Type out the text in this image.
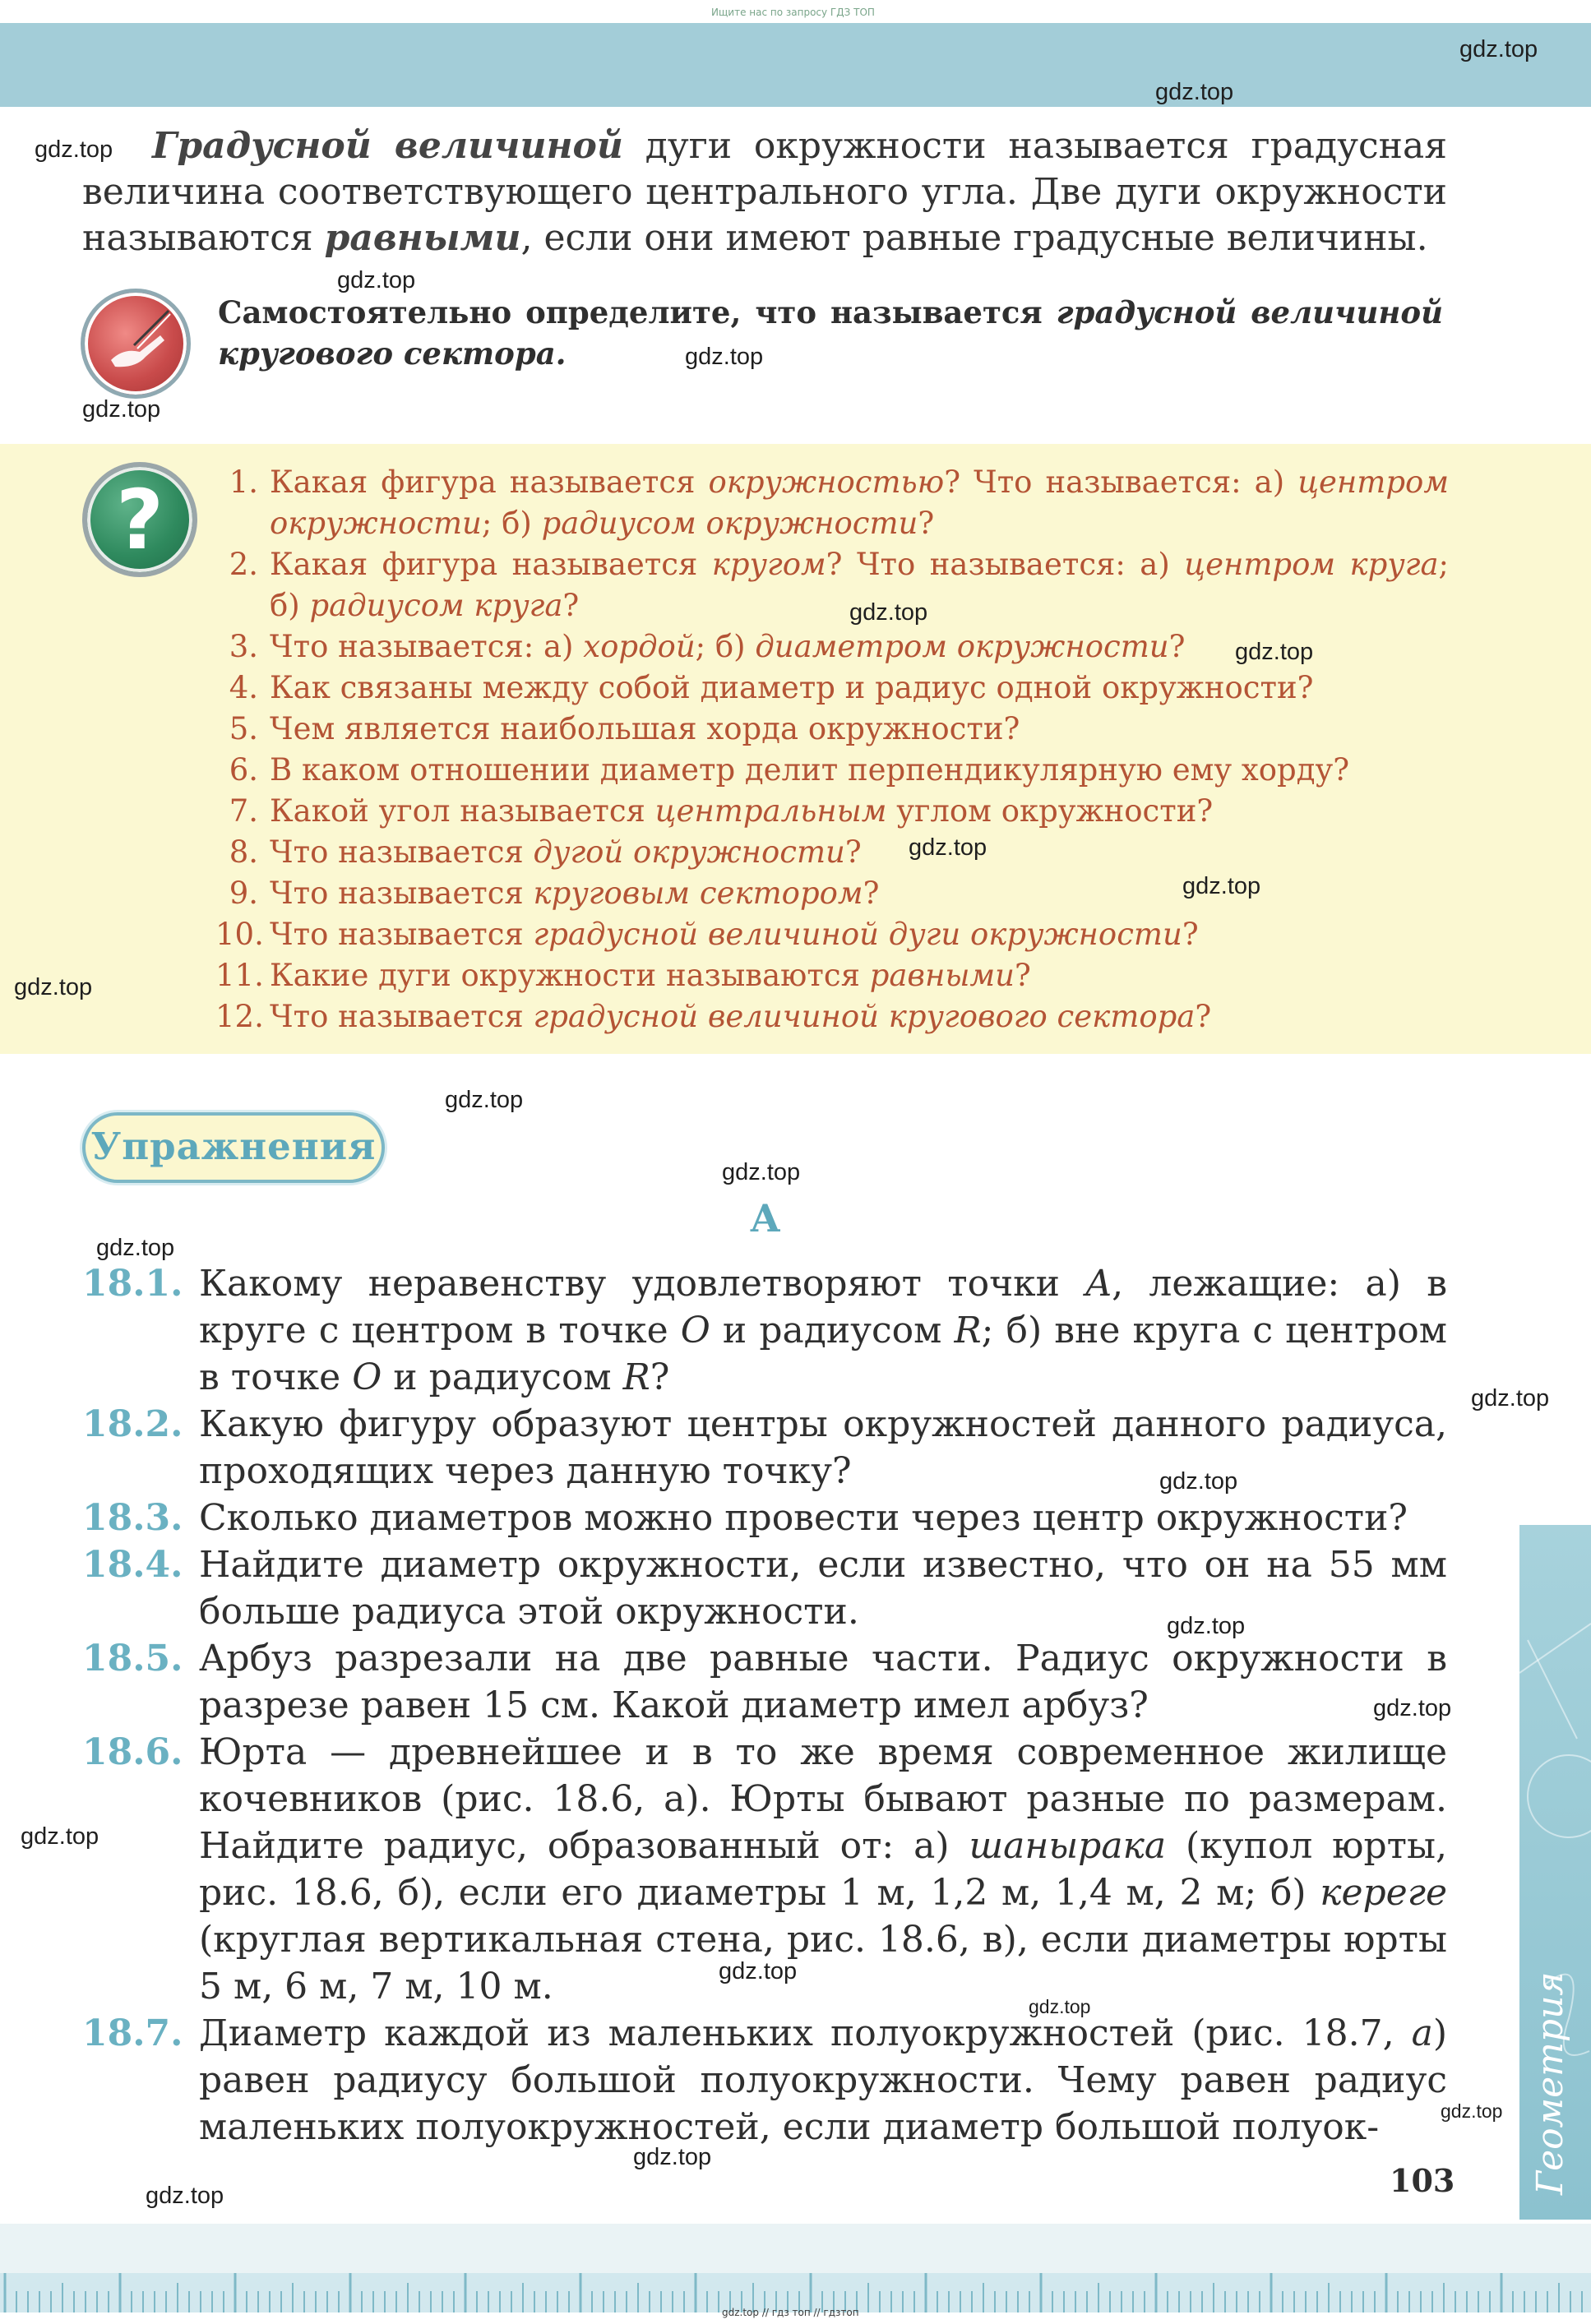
Ищите нас по запросу ГДЗ ТОП
Градусной величиной дуги окружности называется градусная величина соответствующего центрального угла. Две дуги окружности называются равными, если они имеют равные градусные величины.
Самостоятельно определите, что называется градусной величиной кругового сектора.
?	1. Какая фигура называется окружностью? Что называется: а) центром окружности; б) радиусом окружности?
2. Какая фигура называется кругом? Что называется: а) центром круга; б) радиусом круга?
3. Что называется: а) хордой; б) диаметром окружности?
4. Как связаны между собой диаметр и радиус одной окружности?
5. Чем является наибольшая хорда окружности?
6. В каком отношении диаметр делит перпендикулярную ему хорду?
7. Какой угол называется центральным углом окружности?
8. Что называется дугой окружности?
9. Что называется круговым сектором?
10. Что называется градусной величиной дуги окружности?
11. Какие дуги окружности называются равными?
12. Что называется градусной величиной кругового сектора?
Упражнения
А
18.1. Какому неравенству удовлетворяют точки A, лежащие: а) в круге с центром в точке O и радиусом R; б) вне круга с центром в точке O и радиусом R?
18.2. Какую фигуру образуют центры окружностей данного радиуса, проходящих через данную точку?
18.3. Сколько диаметров можно провести через центр окружности?
18.4. Найдите диаметр окружности, если известно, что он на 55 мм больше радиуса этой окружности.
18.5. Арбуз разрезали на две равные части. Радиус окружности в разрезе равен 15 см. Какой диаметр имел арбуз?
18.6. Юрта — древнейшее и в то же время современное жилище кочевников (рис. 18.6, а). Юрты бывают разные по размерам. Найдите радиус, образованный от: а) шанырака (купол юрты, рис. 18.6, б), если его диаметры 1 м, 1,2 м, 1,4 м, 2 м; б) кереге (круглая вертикальная стена, рис. 18.6, в), если диаметры юрты 5 м, 6 м, 7 м, 10 м.
18.7. Диаметр каждой из маленьких полуокружностей (рис. 18.7, а) равен радиусу большой полуокружности. Чему равен радиус маленьких полуокружностей, если диаметр большой полуок-
103 Геометрия
gdz.top // гдз топ // гдзтоп
gdz.top
gdz.top
gdz.top
gdz.top
gdz.top
gdz.top
gdz.top
gdz.top
gdz.top
gdz.top
gdz.top
gdz.top
gdz.top
gdz.top
gdz.top
gdz.top
gdz.top
gdz.top
gdz.top
gdz.top
gdz.top
gdz.top
gdz.top
gdz.top
